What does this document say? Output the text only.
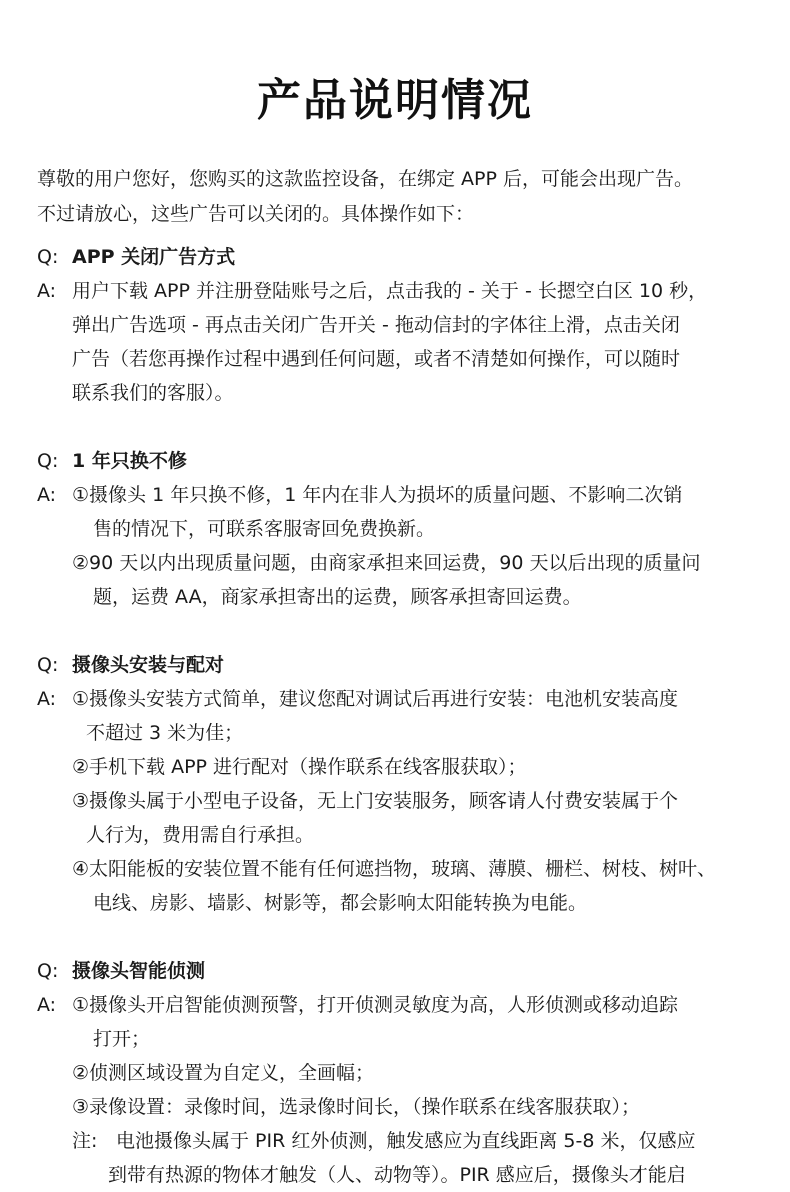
产品说明情况
尊敬的用户您好，您购买的这款监控设备，在绑定 APP 后，可能会出现广告。
不过请放心，这些广告可以关闭的。具体操作如下：
Q: APP 关闭广告方式
A: 用户下载 APP 并注册登陆账号之后，点击我的 - 关于 - 长摁空白区 10 秒，
弹出广告选项 - 再点击关闭广告开关 - 拖动信封的字体往上滑，点击关闭
广告（若您再操作过程中遇到任何问题，或者不清楚如何操作，可以随时
联系我们的客服）。
Q: 1 年只换不修
A: ①摄像头 1 年只换不修，1 年内在非人为损坏的质量问题、不影响二次销
售的情况下，可联系客服寄回免费换新。
②90 天以内出现质量问题，由商家承担来回运费，90 天以后出现的质量问
题，运费 AA，商家承担寄出的运费，顾客承担寄回运费。
Q: 摄像头安装与配对
A: ①摄像头安装方式简单，建议您配对调试后再进行安装：电池机安装高度
不超过 3 米为佳；
②手机下载 APP 进行配对（操作联系在线客服获取）；
③摄像头属于小型电子设备，无上门安装服务，顾客请人付费安装属于个
人行为，费用需自行承担。
④太阳能板的安装位置不能有任何遮挡物，玻璃、薄膜、栅栏、树枝、树叶、
电线、房影、墙影、树影等，都会影响太阳能转换为电能。
Q: 摄像头智能侦测
A: ①摄像头开启智能侦测预警，打开侦测灵敏度为高，人形侦测或移动追踪
打开；
②侦测区域设置为自定义，全画幅；
③录像设置：录像时间，选录像时间长，（操作联系在线客服获取）；
注: 电池摄像头属于 PIR 红外侦测，触发感应为直线距离 5-8 米，仅感应
到带有热源的物体才触发（人、动物等）。PIR 感应后，摄像头才能启
